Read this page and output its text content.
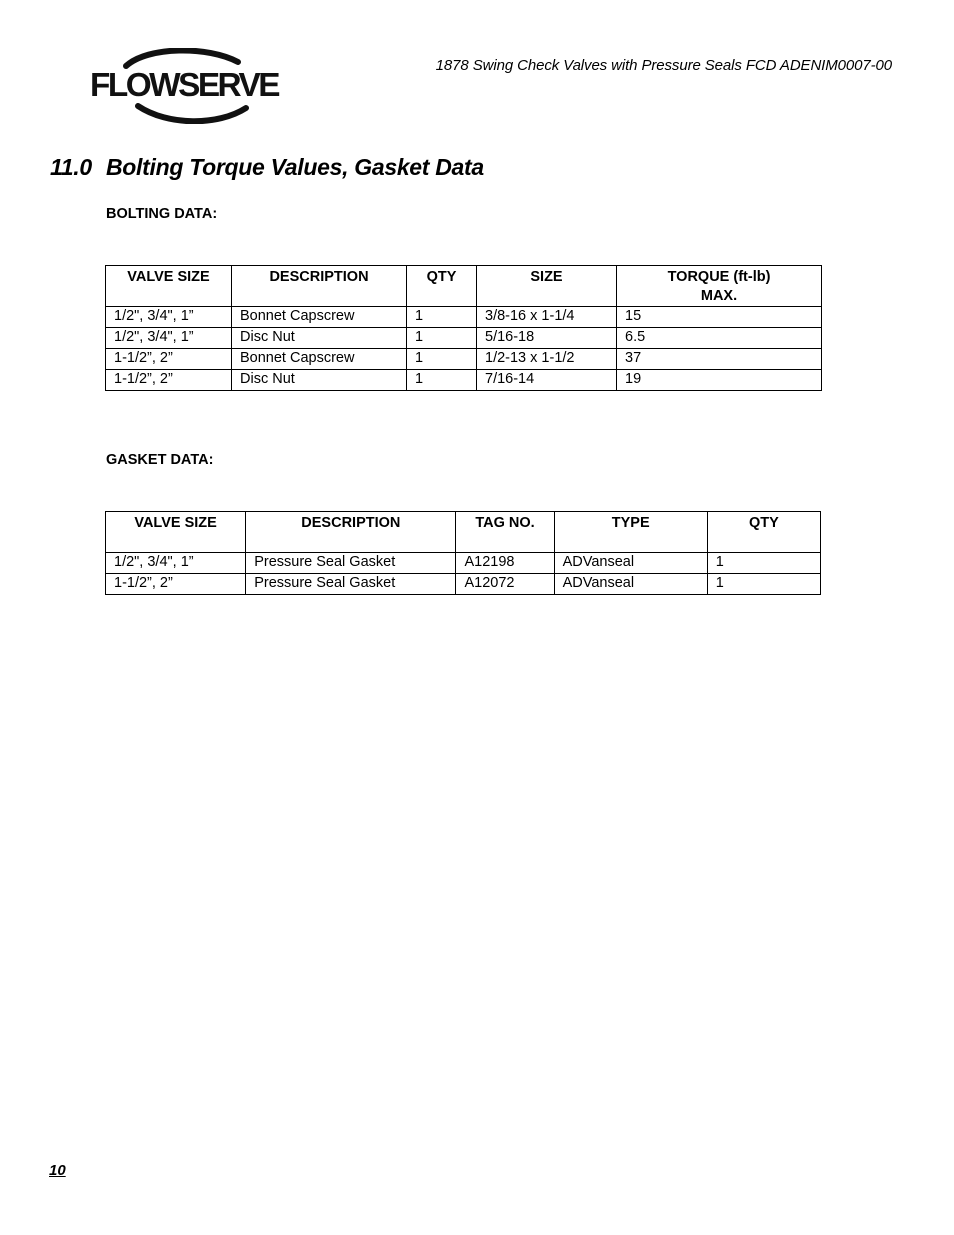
FLOWSERVE
1878 Swing Check Valves with Pressure Seals FCD ADENIM0007-00
11.0 Bolting Torque Values, Gasket Data
BOLTING DATA:
VALVE SIZE	DESCRIPTION	QTY	SIZE	TORQUE (ft-lb)
MAX.
1/2", 3/4", 1”	Bonnet Capscrew	1	3/8-16 x 1-1/4	15
1/2", 3/4", 1”	Disc Nut	1	5/16-18	6.5
1-1/2”, 2”	Bonnet Capscrew	1	1/2-13 x 1-1/2	37
1-1/2”, 2”	Disc Nut	1	7/16-14	19
GASKET DATA:
VALVE SIZE	DESCRIPTION	TAG NO.	TYPE	QTY
1/2", 3/4", 1”	Pressure Seal Gasket	A12198	ADVanseal	1
1-1/2”, 2”	Pressure Seal Gasket	A12072	ADVanseal	1
10
